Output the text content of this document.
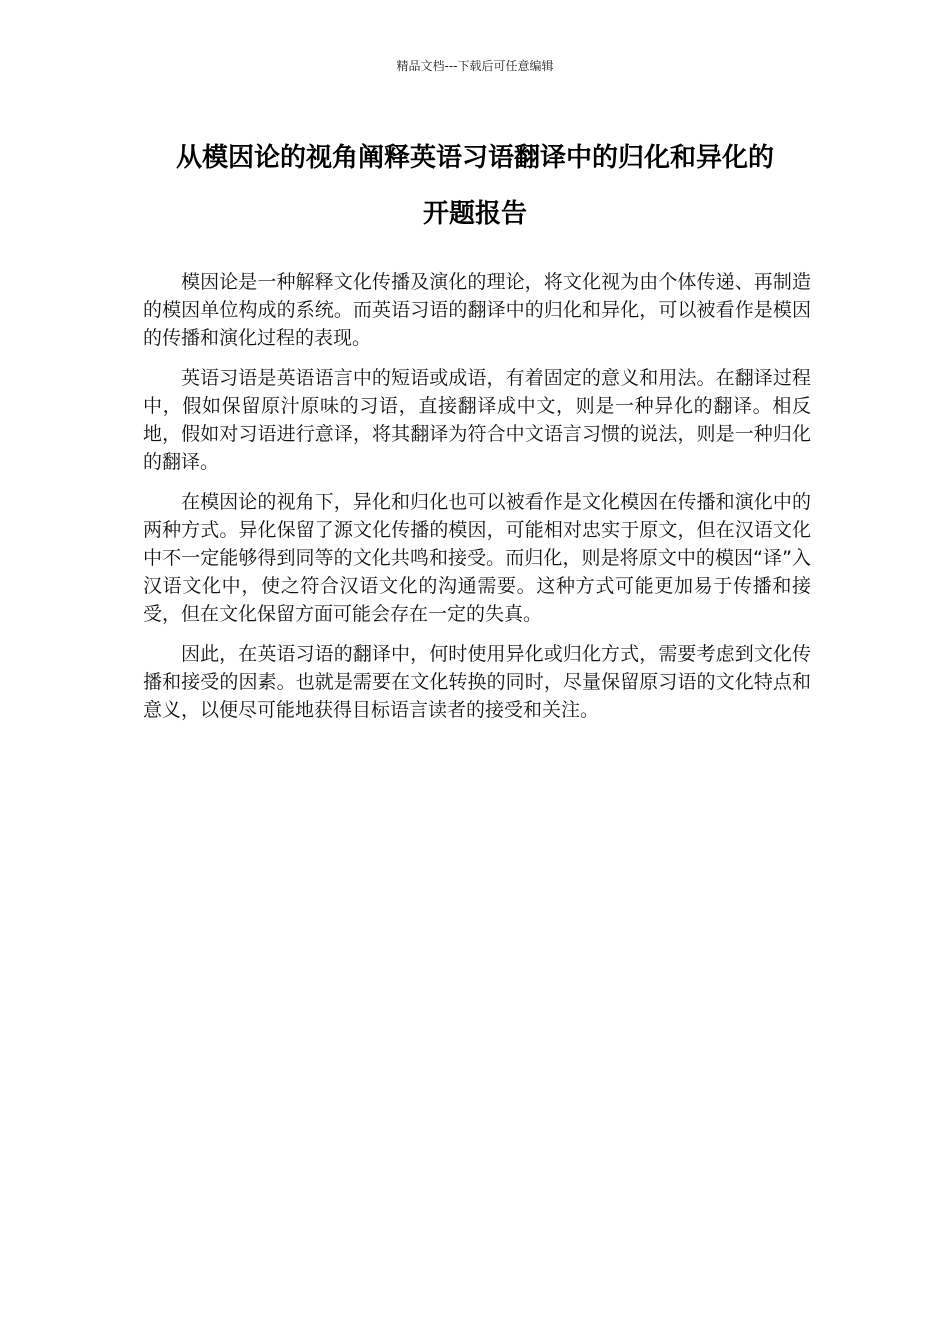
精品文档---下载后可任意编辑
从模因论的视角阐释英语习语翻译中的归化和异化的
开题报告

模因论是一种解释文化传播及演化的理论，将文化视为由个体传递、再制造的模因单位构成的系统。而英语习语的翻译中的归化和异化，可以被看作是模因的传播和演化过程的表现。

英语习语是英语语言中的短语或成语，有着固定的意义和用法。在翻译过程中，假如保留原汁原味的习语，直接翻译成中文，则是一种异化的翻译。相反地，假如对习语进行意译，将其翻译为符合中文语言习惯的说法，则是一种归化的翻译。

在模因论的视角下，异化和归化也可以被看作是文化模因在传播和演化中的两种方式。异化保留了源文化传播的模因，可能相对忠实于原文，但在汉语文化中不一定能够得到同等的文化共鸣和接受。而归化，则是将原文中的模因“译”入汉语文化中，使之符合汉语文化的沟通需要。这种方式可能更加易于传播和接受，但在文化保留方面可能会存在一定的失真。

因此，在英语习语的翻译中，何时使用异化或归化方式，需要考虑到文化传播和接受的因素。也就是需要在文化转换的同时，尽量保留原习语的文化特点和意义，以便尽可能地获得目标语言读者的接受和关注。
